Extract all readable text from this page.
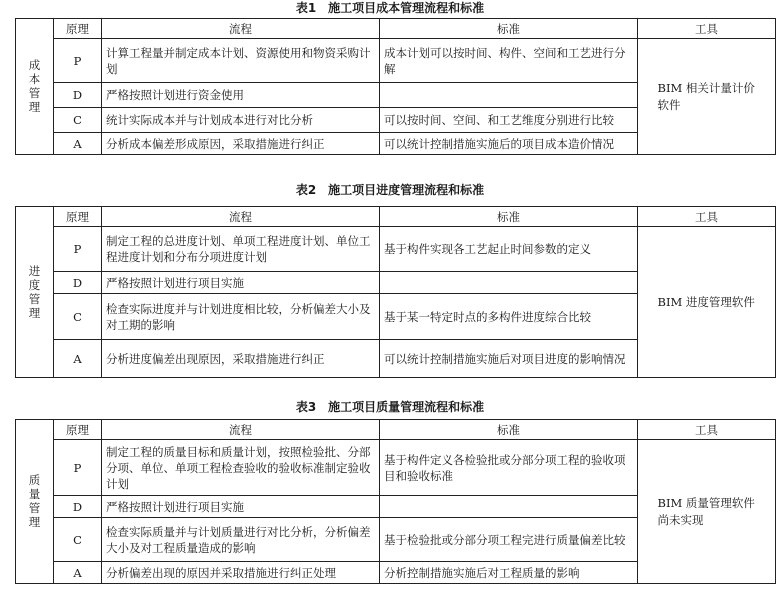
表1　施工项目成本管理流程和标准
成本管理	原理	流程	标准	工具
	P	计算工程量并制定成本计划、资源使用和物资采购计划	成本计划可以按时间、构件、空间和工艺进行分解	BIM 相关计量计价软件
	D	严格按照计划进行资金使用		
	C	统计实际成本并与计划成本进行对比分析	可以按时间、空间、和工艺维度分别进行比较	
	A	分析成本偏差形成原因，采取措施进行纠正	可以统计控制措施实施后的项目成本造价情况	
表2　施工项目进度管理流程和标准
进度管理	原理	流程	标准	工具
	P	制定工程的总进度计划、单项工程进度计划、单位工程进度计划和分布分项进度计划	基于构件实现各工艺起止时间参数的定义	BIM 进度管理软件
	D	严格按照计划进行项目实施		
	C	检查实际进度并与计划进度相比较，分析偏差大小及对工期的影响	基于某一特定时点的多构件进度综合比较	
	A	分析进度偏差出现原因，采取措施进行纠正	可以统计控制措施实施后对项目进度的影响情况	
表3　施工项目质量管理流程和标准
质量管理	原理	流程	标准	工具
	P	制定工程的质量目标和质量计划，按照检验批、分部分项、单位、单项工程检查验收的验收标准制定验收计划	基于构件定义各检验批或分部分项工程的验收项目和验收标准	BIM 质量管理软件尚未实现
	D	严格按照计划进行项目实施		
	C	检查实际质量并与计划质量进行对比分析，分析偏差大小及对工程质量造成的影响	基于检验批或分部分项工程完进行质量偏差比较	
	A	分析偏差出现的原因并采取措施进行纠正处理	分析控制措施实施后对工程质量的影响	
